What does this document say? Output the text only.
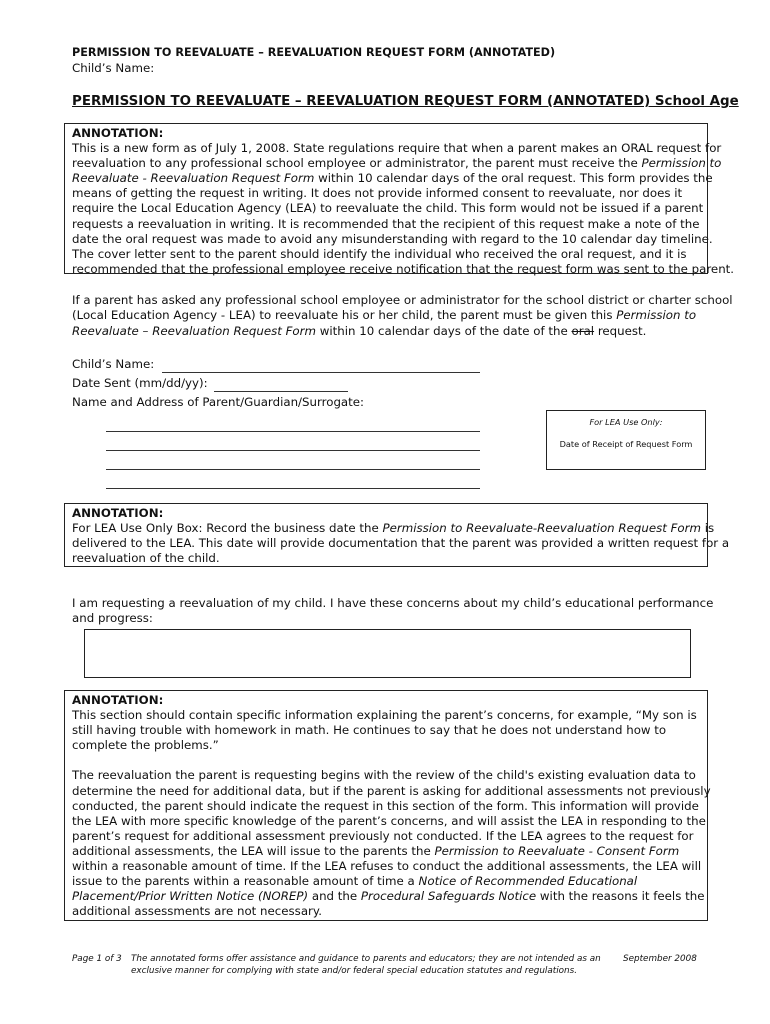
PERMISSION TO REEVALUATE – REEVALUATION REQUEST FORM (ANNOTATED)
Child’s Name:
PERMISSION TO REEVALUATE – REEVALUATION REQUEST FORM (ANNOTATED) School Age
ANNOTATION:
This is a new form as of July 1, 2008. State regulations require that when a parent makes an ORAL request for
reevaluation to any professional school employee or administrator, the parent must receive the Permission to
Reevaluate - Reevaluation Request Form within 10 calendar days of the oral request. This form provides the
means of getting the request in writing. It does not provide informed consent to reevaluate, nor does it
require the Local Education Agency (LEA) to reevaluate the child. This form would not be issued if a parent
requests a reevaluation in writing. It is recommended that the recipient of this request make a note of the
date the oral request was made to avoid any misunderstanding with regard to the 10 calendar day timeline.
The cover letter sent to the parent should identify the individual who received the oral request, and it is
recommended that the professional employee receive notification that the request form was sent to the parent.
If a parent has asked any professional school employee or administrator for the school district or charter school
(Local Education Agency - LEA) to reevaluate his or her child, the parent must be given this Permission to
Reevaluate – Reevaluation Request Form within 10 calendar days of the date of the oral request.
Child’s Name:
Date Sent (mm/dd/yy):
Name and Address of Parent/Guardian/Surrogate:
For LEA Use Only:
Date of Receipt of Request Form
ANNOTATION:
For LEA Use Only Box: Record the business date the Permission to Reevaluate-Reevaluation Request Form is
delivered to the LEA. This date will provide documentation that the parent was provided a written request for a
reevaluation of the child.
I am requesting a reevaluation of my child. I have these concerns about my child’s educational performance
and progress:
ANNOTATION:
This section should contain specific information explaining the parent’s concerns, for example, “My son is
still having trouble with homework in math. He continues to say that he does not understand how to
complete the problems.”

The reevaluation the parent is requesting begins with the review of the child's existing evaluation data to
determine the need for additional data, but if the parent is asking for additional assessments not previously
conducted, the parent should indicate the request in this section of the form. This information will provide
the LEA with more specific knowledge of the parent’s concerns, and will assist the LEA in responding to the
parent’s request for additional assessment previously not conducted. If the LEA agrees to the request for
additional assessments, the LEA will issue to the parents the Permission to Reevaluate - Consent Form
within a reasonable amount of time. If the LEA refuses to conduct the additional assessments, the LEA will
issue to the parents within a reasonable amount of time a Notice of Recommended Educational
Placement/Prior Written Notice (NOREP) and the Procedural Safeguards Notice with the reasons it feels the
additional assessments are not necessary.
Page 1 of 3 The annotated forms offer assistance and guidance to parents and educators; they are not intended as an
exclusive manner for complying with state and/or federal special education statutes and regulations.
September 2008
